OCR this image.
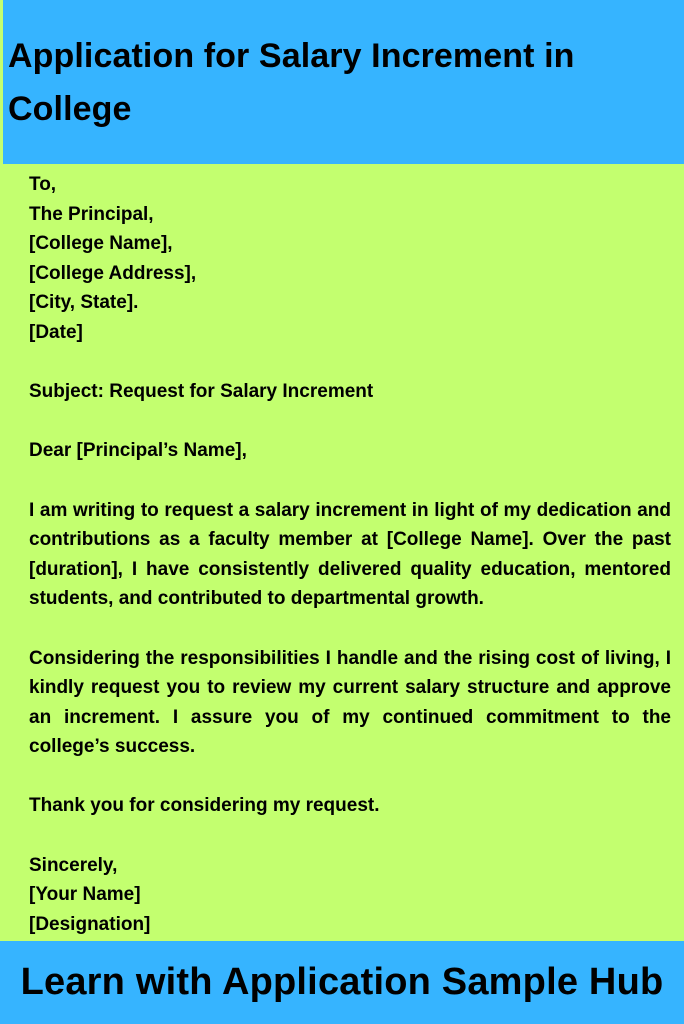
Application for Salary Increment in College
To,
The Principal,
[College Name],
[College Address],
[City, State].
[Date]
Subject: Request for Salary Increment
Dear [Principal’s Name],

I am writing to request a salary increment in light of my dedication and contributions as a faculty member at [College Name]. Over the past [duration], I have consistently delivered quality education, mentored students, and contributed to departmental growth.

Considering the responsibilities I handle and the rising cost of living, I kindly request you to review my current salary structure and approve an increment. I assure you of my continued commitment to the college’s success.

Thank you for considering my request.
Sincerely,
[Your Name]
[Designation]
Learn with Application Sample Hub
